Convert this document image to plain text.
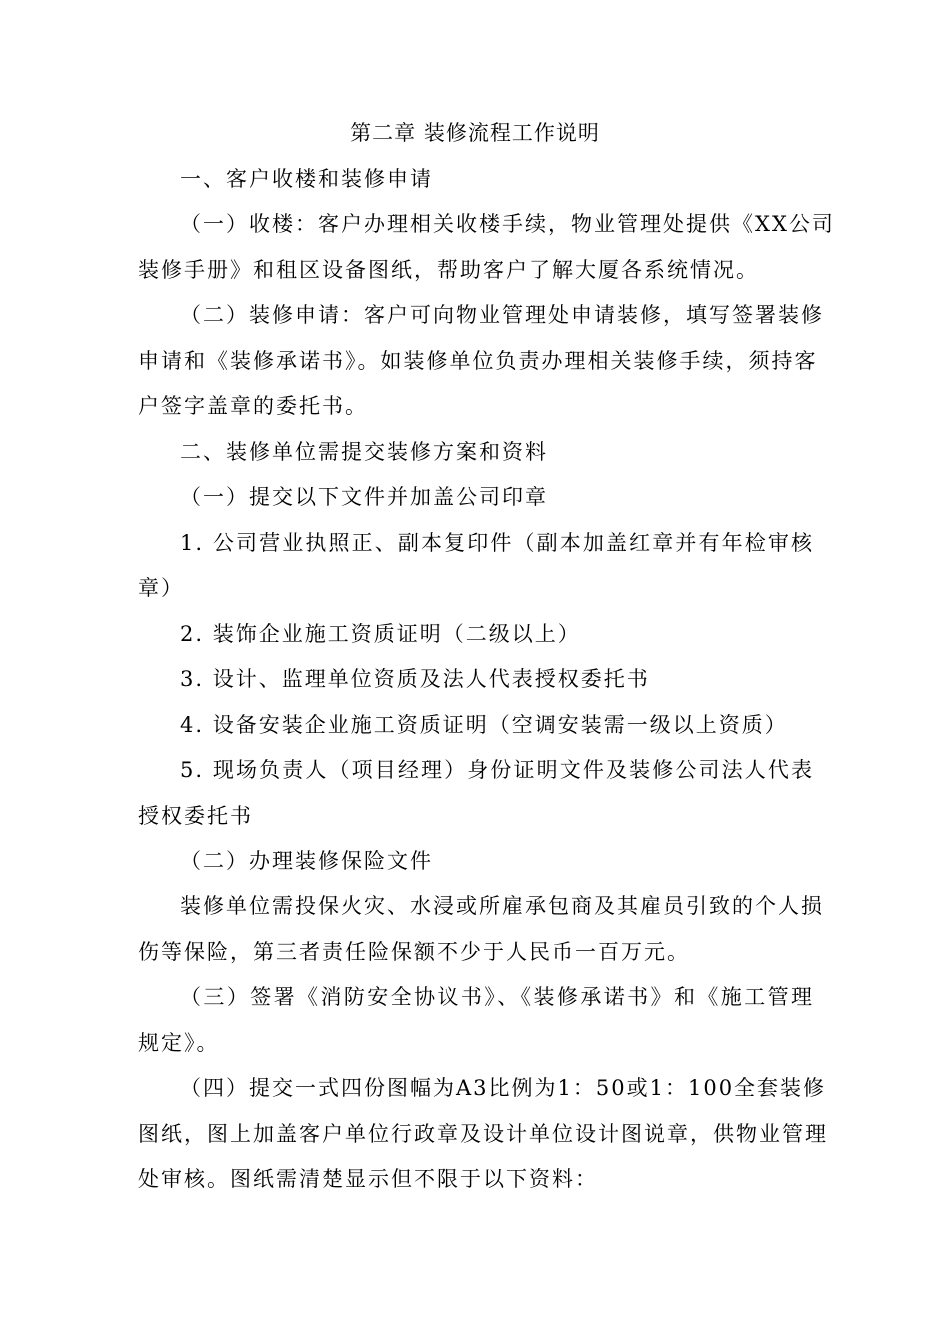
第二章 装修流程工作说明
一、客户收楼和装修申请
（一）收楼：客户办理相关收楼手续，物业管理处提供《XX公司
装修手册》和租区设备图纸，帮助客户了解大厦各系统情况。
（二）装修申请：客户可向物业管理处申请装修，填写签署装修
申请和《装修承诺书》。如装修单位负责办理相关装修手续，须持客
户签字盖章的委托书。
二、装修单位需提交装修方案和资料
（一）提交以下文件并加盖公司印章
1. 公司营业执照正、副本复印件（副本加盖红章并有年检审核
章）
2. 装饰企业施工资质证明（二级以上）
3. 设计、监理单位资质及法人代表授权委托书
4. 设备安装企业施工资质证明（空调安装需一级以上资质）
5. 现场负责人（项目经理）身份证明文件及装修公司法人代表
授权委托书
（二）办理装修保险文件
装修单位需投保火灾、水浸或所雇承包商及其雇员引致的个人损
伤等保险，第三者责任险保额不少于人民币一百万元。
（三）签署《消防安全协议书》、《装修承诺书》和《施工管理
规定》。
（四）提交一式四份图幅为A3比例为1：50或1：100全套装修
图纸，图上加盖客户单位行政章及设计单位设计图说章，供物业管理
处审核。图纸需清楚显示但不限于以下资料：
